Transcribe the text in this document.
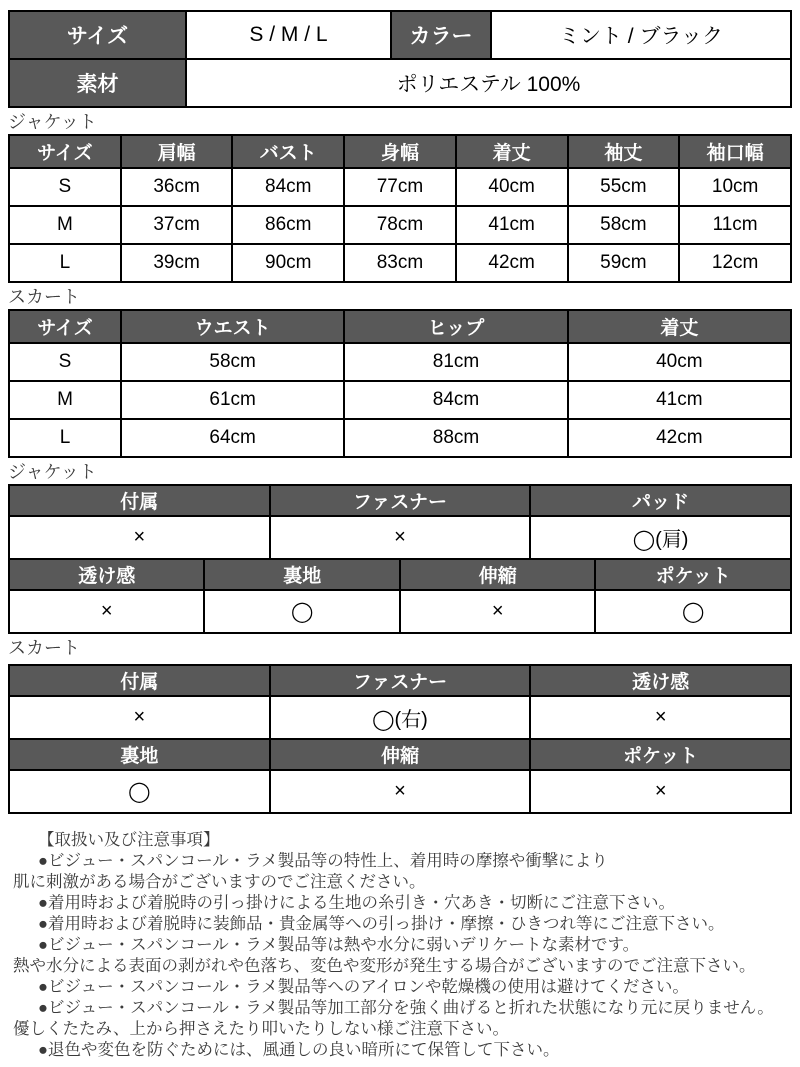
サイズ	S / M / L	カラー	ミント / ブラック
素材	ポリエステル 100%		
ジャケット
サイズ	肩幅	バスト	身幅	着丈	袖丈	袖口幅
S	36cm	84cm	77cm	40cm	55cm	10cm
M	37cm	86cm	78cm	41cm	58cm	11cm
L	39cm	90cm	83cm	42cm	59cm	12cm
スカート
サイズ	ウエスト	ヒップ	着丈
S	58cm	81cm	40cm
M	61cm	84cm	41cm
L	64cm	88cm	42cm
ジャケット
付属		ファスナー		パッド	
×		×		◯(肩)	
透け感	裏地		伸縮		ポケット
×	◯		×		◯
スカート
付属	ファスナー	透け感
×	◯(右)	×
裏地	伸縮	ポケット
◯	×	×
【取扱い及び注意事項】
●ビジュー・スパンコール・ラメ製品等の特性上、着用時の摩擦や衝撃により
肌に刺激がある場合がございますのでご注意ください。
●着用時および着脱時の引っ掛けによる生地の糸引き・穴あき・切断にご注意下さい。
●着用時および着脱時に装飾品・貴金属等への引っ掛け・摩擦・ひきつれ等にご注意下さい。
●ビジュー・スパンコール・ラメ製品等は熱や水分に弱いデリケートな素材です。
熱や水分による表面の剥がれや色落ち、変色や変形が発生する場合がございますのでご注意下さい。
●ビジュー・スパンコール・ラメ製品等へのアイロンや乾燥機の使用は避けてください。
●ビジュー・スパンコール・ラメ製品等加工部分を強く曲げると折れた状態になり元に戻りません。
優しくたたみ、上から押さえたり叩いたりしない様ご注意下さい。
●退色や変色を防ぐためには、風通しの良い暗所にて保管して下さい。
